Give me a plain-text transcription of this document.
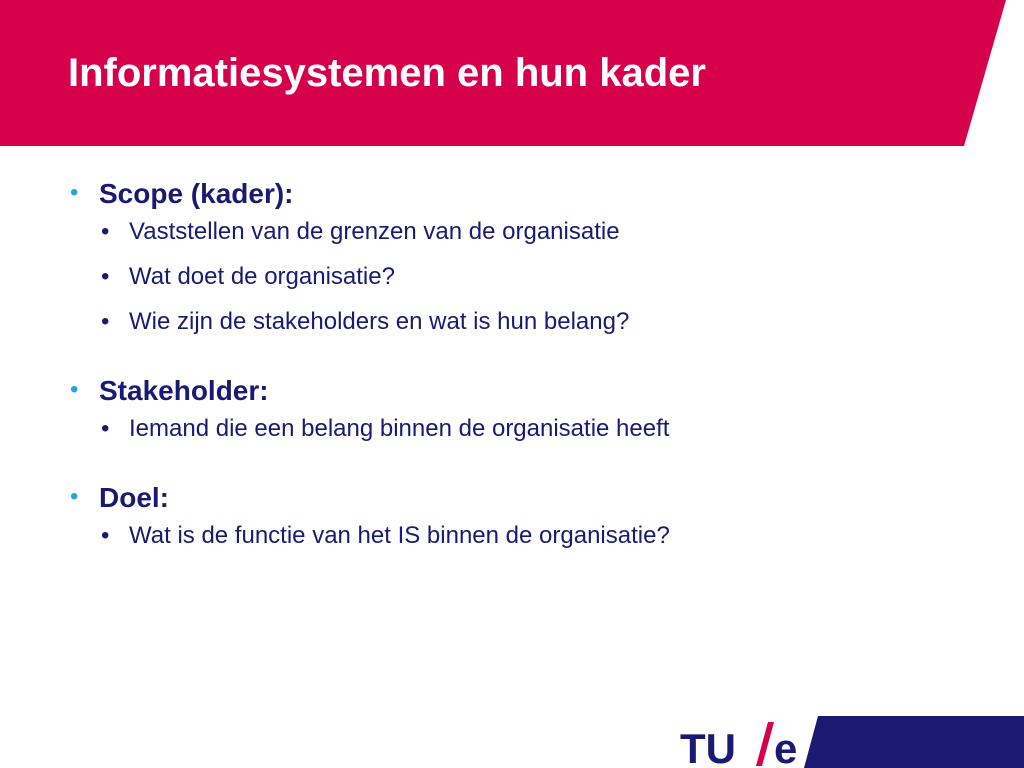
Informatiesystemen en hun kader
• Scope (kader):
• Vaststellen van de grenzen van de organisatie
• Wat doet de organisatie?
• Wie zijn de stakeholders en wat is hun belang?
• Stakeholder:
• Iemand die een belang binnen de organisatie heeft
• Doel:
• Wat is de functie van het IS binnen de organisatie?
TU e
